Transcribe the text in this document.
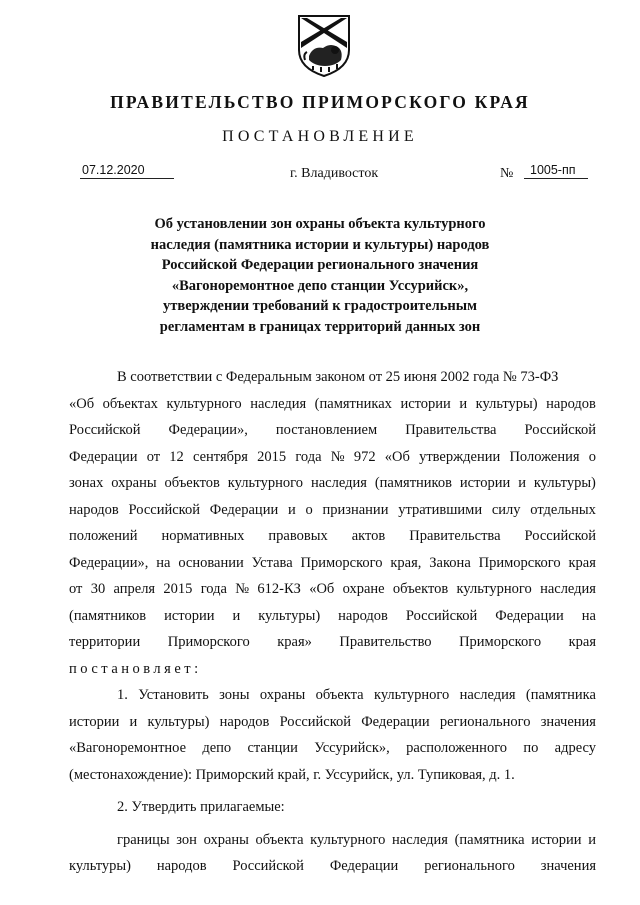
ПРАВИТЕЛЬСТВО ПРИМОРСКОГО КРАЯ
ПОСТАНОВЛЕНИЕ
07.12.2020	г. Владивосток	№	1005-пп
Об установлении зон охраны объекта культурного
наследия (памятника истории и культуры) народов
Российской Федерации регионального значения
«Вагоноремонтное депо станции Уссурийск»,
утверждении требований к градостроительным
регламентам в границах территорий данных зон
В соответствии с Федеральным законом от 25 июня 2002 года № 73-ФЗ
«Об объектах культурного наследия (памятниках истории и культуры) народов
Российской Федерации», постановлением Правительства Российской
Федерации от 12 сентября 2015 года № 972 «Об утверждении Положения о
зонах охраны объектов культурного наследия (памятников истории и культуры)
народов Российской Федерации и о признании утратившими силу отдельных
положений нормативных правовых актов Правительства Российской
Федерации», на основании Устава Приморского края, Закона Приморского края
от 30 апреля 2015 года № 612-КЗ «Об охране объектов культурного наследия
(памятников истории и культуры) народов Российской Федерации на
территории Приморского края» Правительство Приморского края
постановляет:
1. Установить зоны охраны объекта культурного наследия (памятника
истории и культуры) народов Российской Федерации регионального значения
«Вагоноремонтное депо станции Уссурийск», расположенного по адресу
(местонахождение): Приморский край, г. Уссурийск, ул. Тупиковая, д. 1.
2. Утвердить прилагаемые:
границы зон охраны объекта культурного наследия (памятника истории и
культуры) народов Российской Федерации регионального значения
